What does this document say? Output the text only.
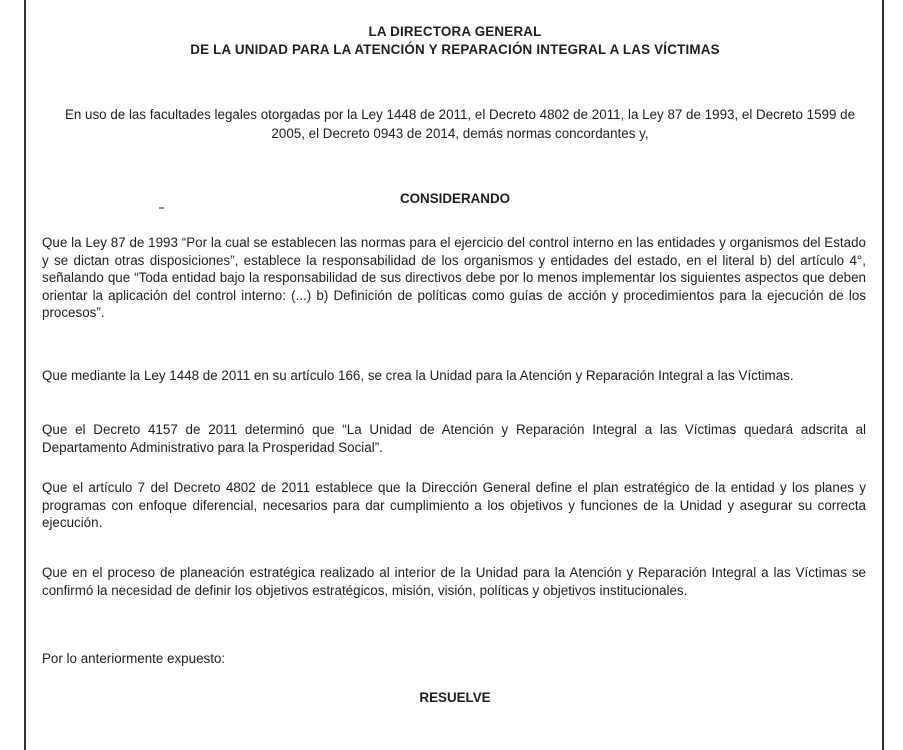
LA DIRECTORA GENERAL

DE LA UNIDAD PARA LA ATENCIÓN Y REPARACIÓN INTEGRAL A LAS VÍCTIMAS

En uso de las facultades legales otorgadas por la Ley 1448 de 2011, el Decreto 4802 de 2011, la Ley 87 de 1993, el Decreto 1599 de 2005, el Decreto 0943 de 2014, demás normas concordantes y,

CONSIDERANDO

Que la Ley 87 de 1993 “Por la cual se establecen las normas para el ejercicio del control interno en las entidades y organismos del Estado y se dictan otras disposiciones”, establece la responsabilidad de los organismos y entidades del estado, en el literal b) del artículo 4°, señalando que “Toda entidad bajo la responsabilidad de sus directivos debe por lo menos implementar los siguientes aspectos que deben orientar la aplicación del control interno: (...) b) Definición de políticas como guías de acción y procedimientos para la ejecución de los procesos”.

Que mediante la Ley 1448 de 2011 en su artículo 166, se crea la Unidad para la Atención y Reparación Integral a las Víctimas.

Que el Decreto 4157 de 2011 determinó que “La Unidad de Atención y Reparación Integral a las Víctimas quedará adscrita al Departamento Administrativo para la Prosperidad Social”.

Que el artículo 7 del Decreto 4802 de 2011 establece que la Dirección General define el plan estratégico de la entidad y los planes y programas con enfoque diferencial, necesarios para dar cumplimiento a los objetivos y funciones de la Unidad y asegurar su correcta ejecución.

Que en el proceso de planeación estratégica realizado al interior de la Unidad para la Atención y Reparación Integral a las Víctimas se confirmó la necesidad de definir los objetivos estratégicos, misión, visión, políticas y objetivos institucionales.

Por lo anteriormente expuesto:

RESUELVE
